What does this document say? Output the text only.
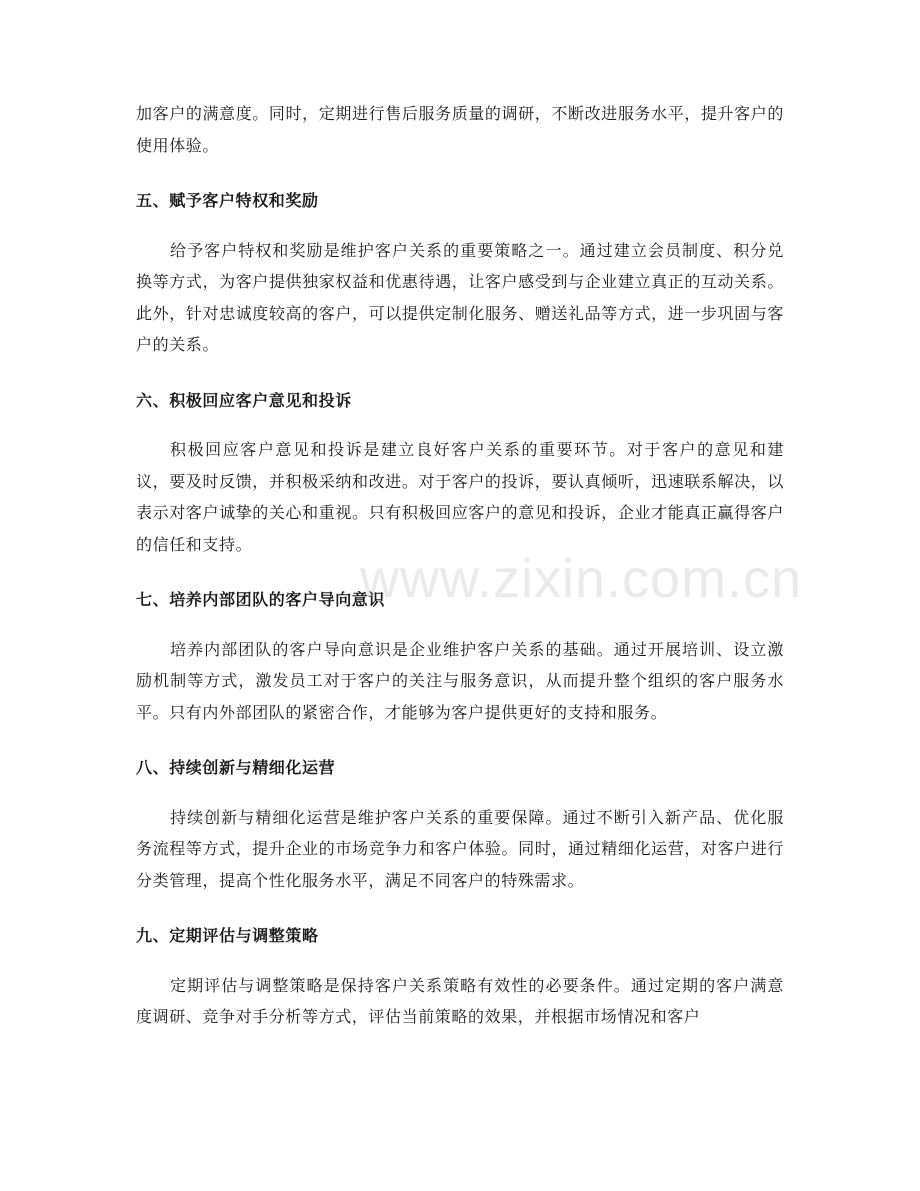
加客户的满意度。同时，定期进行售后服务质量的调研，不断改进服务水平，提升客户的使用体验。

五、赋予客户特权和奖励

给予客户特权和奖励是维护客户关系的重要策略之一。通过建立会员制度、积分兑换等方式，为客户提供独家权益和优惠待遇，让客户感受到与企业建立真正的互动关系。此外，针对忠诚度较高的客户，可以提供定制化服务、赠送礼品等方式，进一步巩固与客户的关系。

六、积极回应客户意见和投诉

积极回应客户意见和投诉是建立良好客户关系的重要环节。对于客户的意见和建议，要及时反馈，并积极采纳和改进。对于客户的投诉，要认真倾听，迅速联系解决，以表示对客户诚挚的关心和重视。只有积极回应客户的意见和投诉，企业才能真正赢得客户的信任和支持。

七、培养内部团队的客户导向意识

培养内部团队的客户导向意识是企业维护客户关系的基础。通过开展培训、设立激励机制等方式，激发员工对于客户的关注与服务意识，从而提升整个组织的客户服务水平。只有内外部团队的紧密合作，才能够为客户提供更好的支持和服务。

八、持续创新与精细化运营

持续创新与精细化运营是维护客户关系的重要保障。通过不断引入新产品、优化服务流程等方式，提升企业的市场竞争力和客户体验。同时，通过精细化运营，对客户进行分类管理，提高个性化服务水平，满足不同客户的特殊需求。

九、定期评估与调整策略

定期评估与调整策略是保持客户关系策略有效性的必要条件。通过定期的客户满意度调研、竞争对手分析等方式，评估当前策略的效果，并根据市场情况和客户

www.zixin.com.cn
